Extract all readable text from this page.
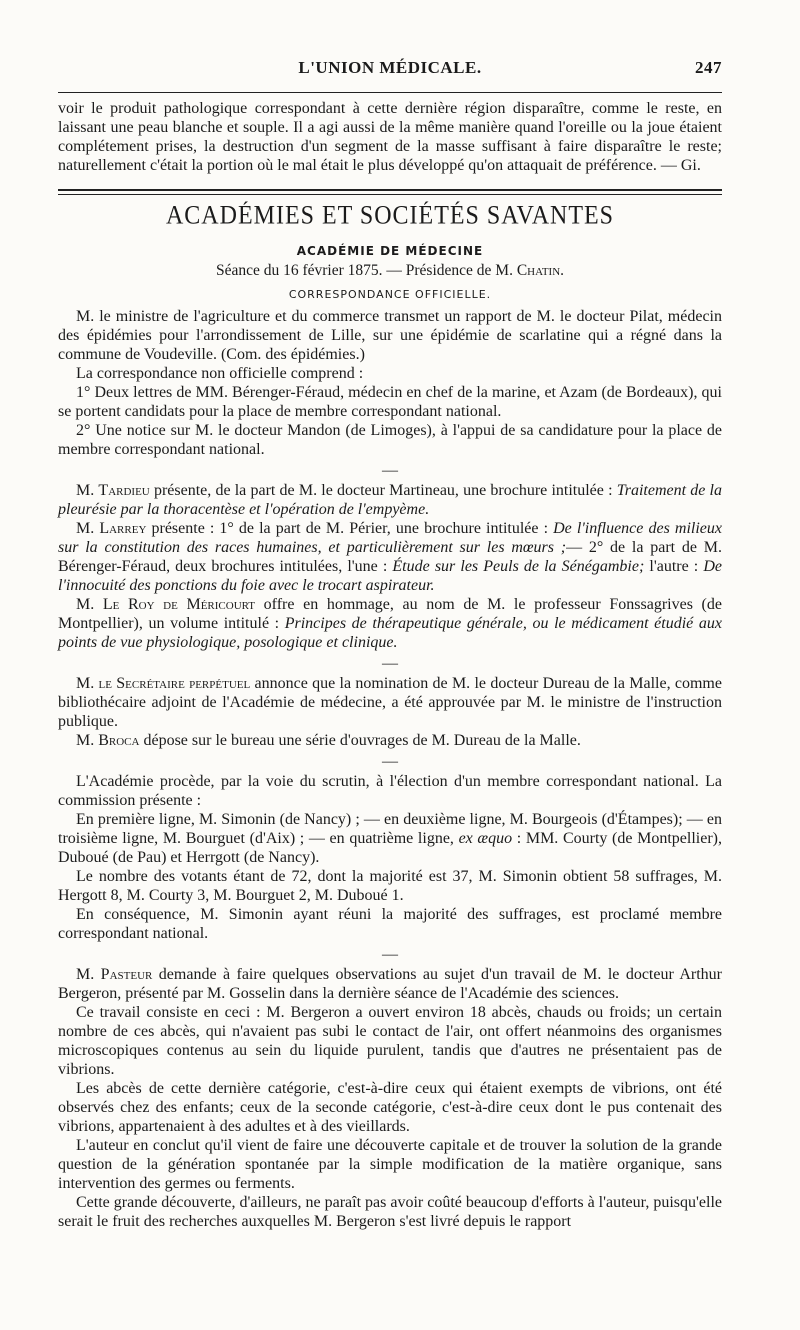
L'UNION MÉDICALE.	247

voir le produit pathologique correspondant à cette dernière région disparaître, comme le reste, en laissant une peau blanche et souple. Il a agi aussi de la même manière quand l'oreille ou la joue étaient complétement prises, la destruction d'un segment de la masse suffisant à faire disparaître le reste; naturellement c'était la portion où le mal était le plus développé qu'on attaquait de préférence. — Gi.

ACADÉMIES ET SOCIÉTÉS SAVANTES
ACADÉMIE DE MÉDECINE
Séance du 16 février 1875. — Présidence de M. Chatin.
CORRESPONDANCE OFFICIELLE.

M. le ministre de l'agriculture et du commerce transmet un rapport de M. le docteur Pilat, médecin des épidémies pour l'arrondissement de Lille, sur une épidémie de scarlatine qui a régné dans la commune de Voudeville. (Com. des épidémies.)

La correspondance non officielle comprend :

1° Deux lettres de MM. Bérenger-Féraud, médecin en chef de la marine, et Azam (de Bordeaux), qui se portent candidats pour la place de membre correspondant national.

2° Une notice sur M. le docteur Mandon (de Limoges), à l'appui de sa candidature pour la place de membre correspondant national.

—

M. Tardieu présente, de la part de M. le docteur Martineau, une brochure intitulée : Traitement de la pleurésie par la thoracentèse et l'opération de l'empyème.

M. Larrey présente : 1° de la part de M. Périer, une brochure intitulée : De l'influence des milieux sur la constitution des races humaines, et particulièrement sur les mœurs ;— 2° de la part de M. Bérenger-Féraud, deux brochures intitulées, l'une : Étude sur les Peuls de la Sénégambie; l'autre : De l'innocuité des ponctions du foie avec le trocart aspirateur.

M. Le Roy de Méricourt offre en hommage, au nom de M. le professeur Fonssagrives (de Montpellier), un volume intitulé : Principes de thérapeutique générale, ou le médicament étudié aux points de vue physiologique, posologique et clinique.

—

M. le Secrétaire perpétuel annonce que la nomination de M. le docteur Dureau de la Malle, comme bibliothécaire adjoint de l'Académie de médecine, a été approuvée par M. le ministre de l'instruction publique.

M. Broca dépose sur le bureau une série d'ouvrages de M. Dureau de la Malle.

—

L'Académie procède, par la voie du scrutin, à l'élection d'un membre correspondant national. La commission présente :

En première ligne, M. Simonin (de Nancy) ; — en deuxième ligne, M. Bourgeois (d'Étampes); — en troisième ligne, M. Bourguet (d'Aix) ; — en quatrième ligne, ex æquo : MM. Courty (de Montpellier), Duboué (de Pau) et Herrgott (de Nancy).

Le nombre des votants étant de 72, dont la majorité est 37, M. Simonin obtient 58 suffrages, M. Hergott 8, M. Courty 3, M. Bourguet 2, M. Duboué 1.

En conséquence, M. Simonin ayant réuni la majorité des suffrages, est proclamé membre correspondant national.

—

M. Pasteur demande à faire quelques observations au sujet d'un travail de M. le docteur Arthur Bergeron, présenté par M. Gosselin dans la dernière séance de l'Académie des sciences.

Ce travail consiste en ceci : M. Bergeron a ouvert environ 18 abcès, chauds ou froids; un certain nombre de ces abcès, qui n'avaient pas subi le contact de l'air, ont offert néanmoins des organismes microscopiques contenus au sein du liquide purulent, tandis que d'autres ne présentaient pas de vibrions.

Les abcès de cette dernière catégorie, c'est-à-dire ceux qui étaient exempts de vibrions, ont été observés chez des enfants; ceux de la seconde catégorie, c'est-à-dire ceux dont le pus contenait des vibrions, appartenaient à des adultes et à des vieillards.

L'auteur en conclut qu'il vient de faire une découverte capitale et de trouver la solution de la grande question de la génération spontanée par la simple modification de la matière organique, sans intervention des germes ou ferments.

Cette grande découverte, d'ailleurs, ne paraît pas avoir coûté beaucoup d'efforts à l'auteur, puisqu'elle serait le fruit des recherches auxquelles M. Bergeron s'est livré depuis le rapport
